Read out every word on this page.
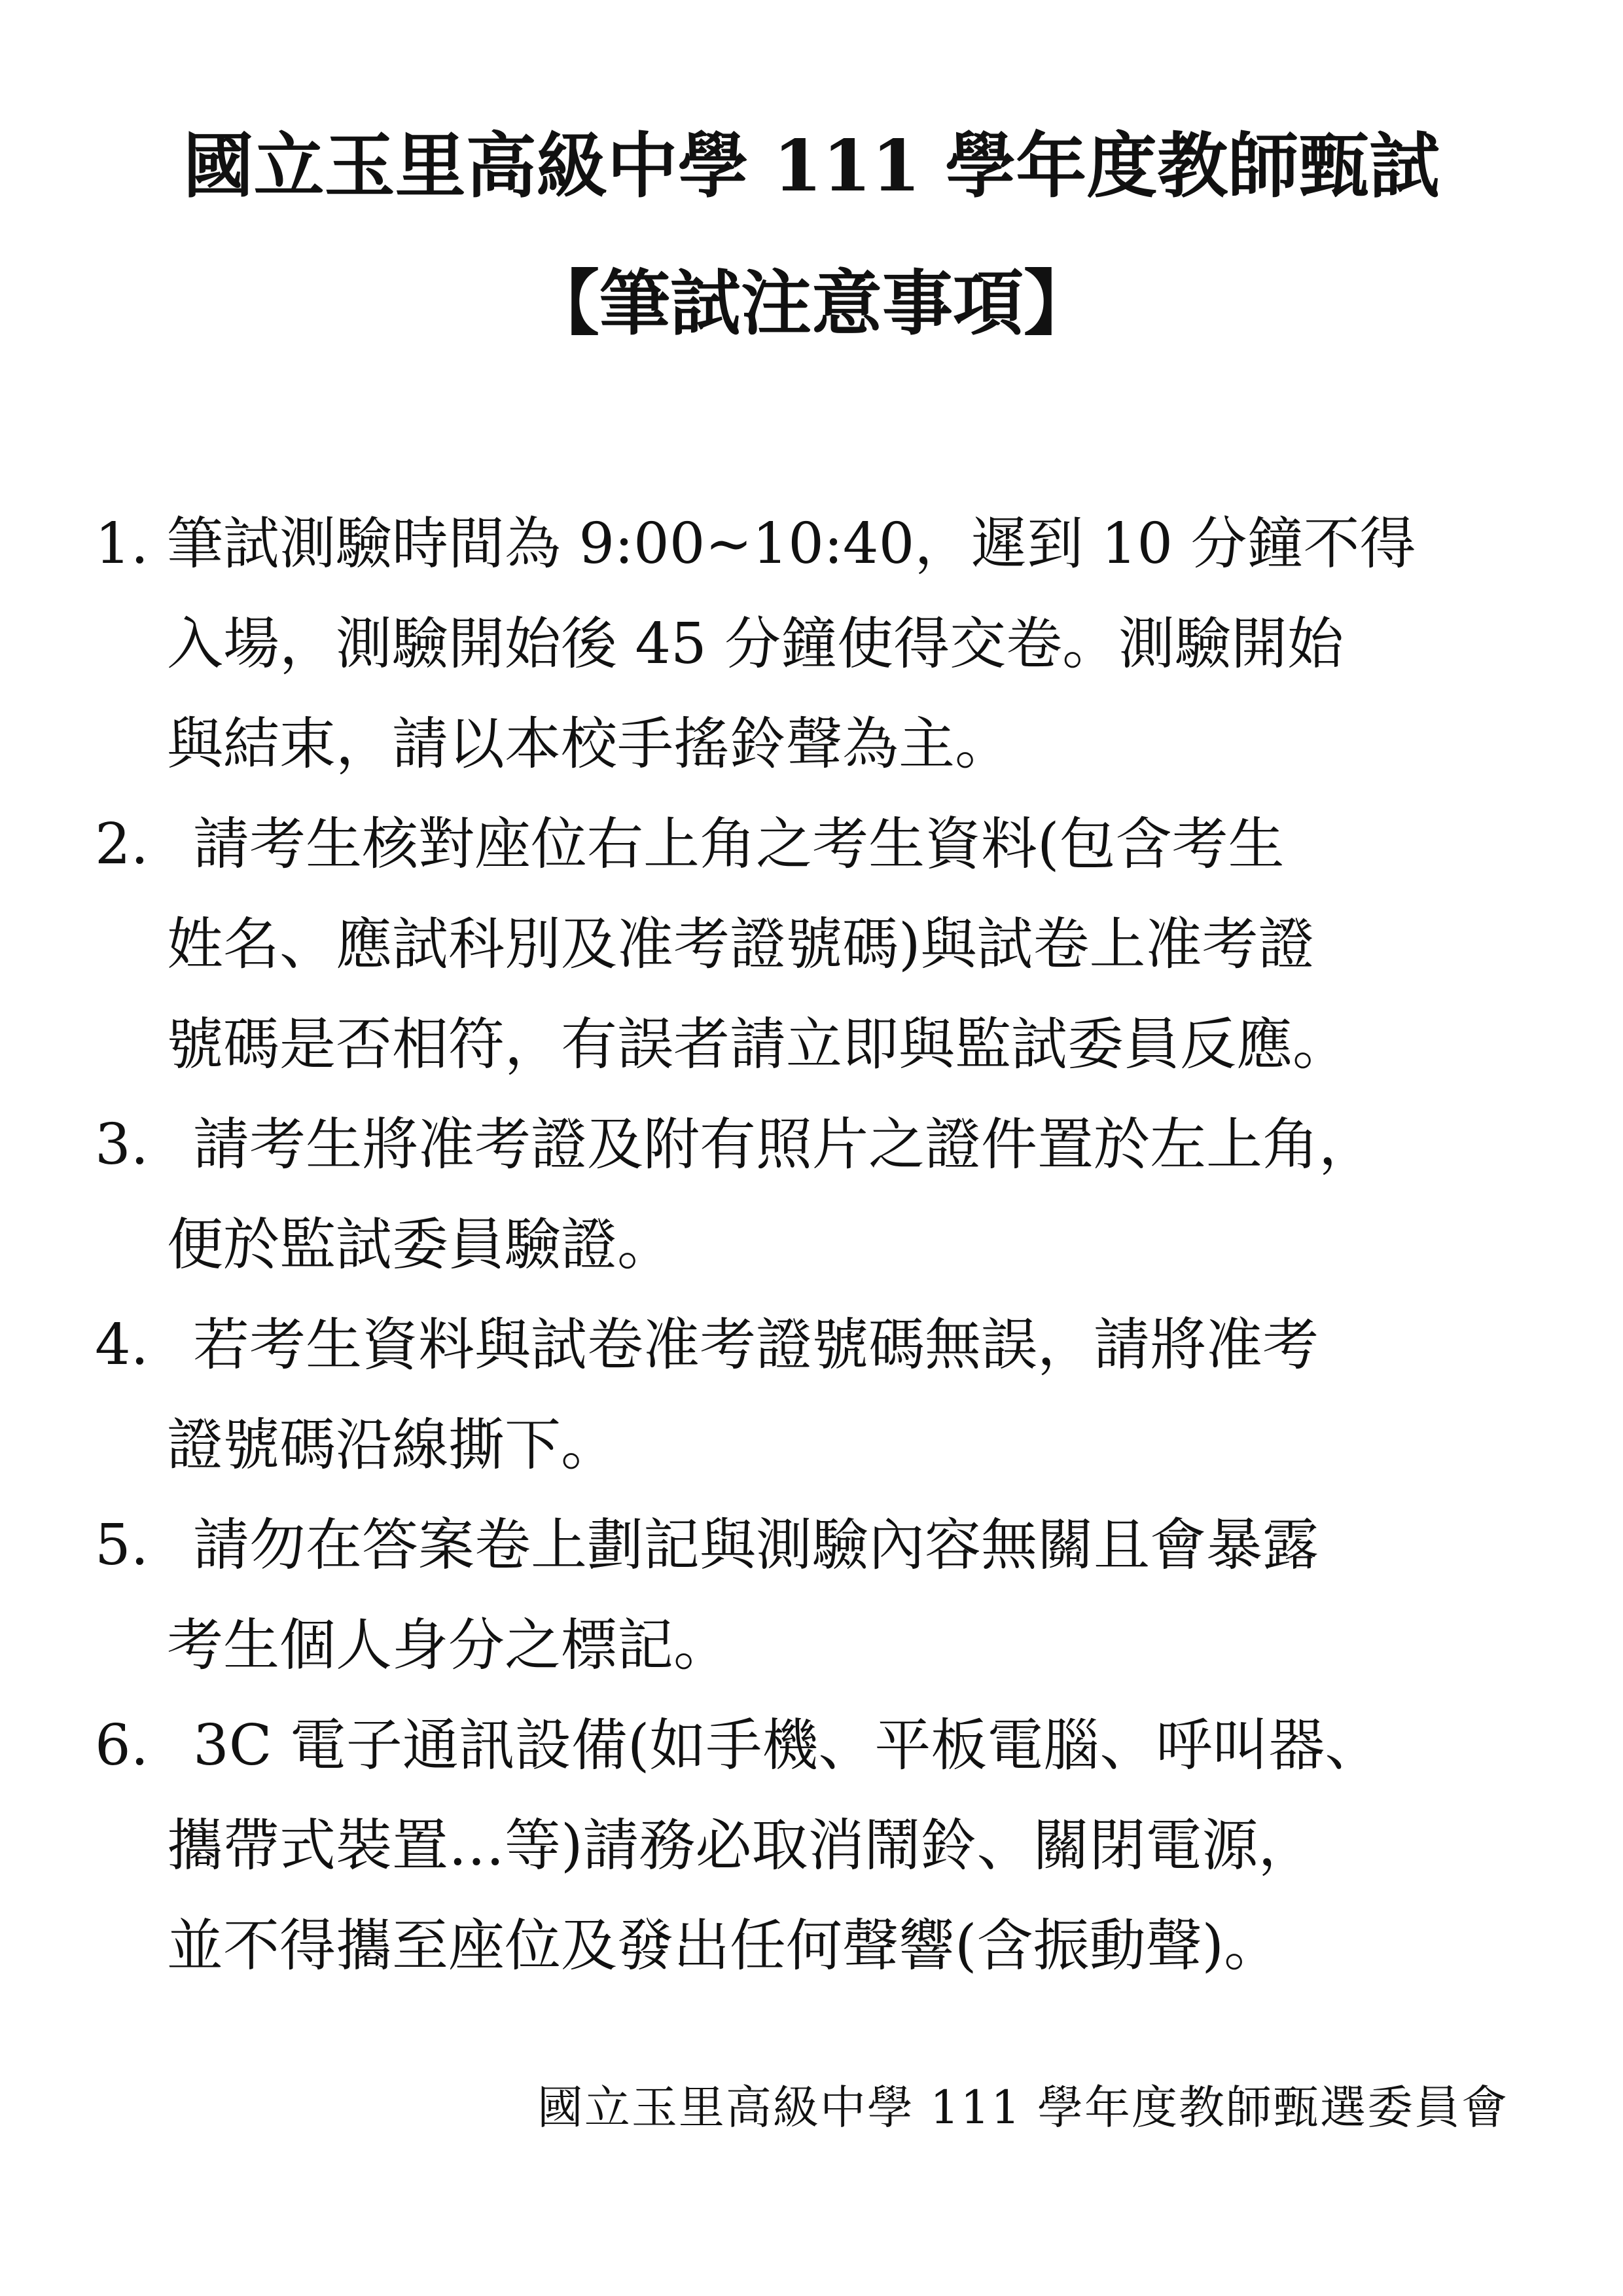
國立玉里高級中學 111 學年度教師甄試
【筆試注意事項】
1. 筆試測驗時間為 9:00~10:40，遲到 10 分鐘不得
入場，測驗開始後 45 分鐘使得交卷。測驗開始
與結束，請以本校手搖鈴聲為主。
2. 請考生核對座位右上角之考生資料(包含考生
姓名、應試科別及准考證號碼)與試卷上准考證
號碼是否相符，有誤者請立即與監試委員反應。
3. 請考生將准考證及附有照片之證件置於左上角，
便於監試委員驗證。
4. 若考生資料與試卷准考證號碼無誤，請將准考
證號碼沿線撕下。
5. 請勿在答案卷上劃記與測驗內容無關且會暴露
考生個人身分之標記。
6. 3C 電子通訊設備(如手機、平板電腦、呼叫器、
攜帶式裝置…等)請務必取消鬧鈴、關閉電源，
並不得攜至座位及發出任何聲響(含振動聲)。
國立玉里高級中學 111 學年度教師甄選委員會
